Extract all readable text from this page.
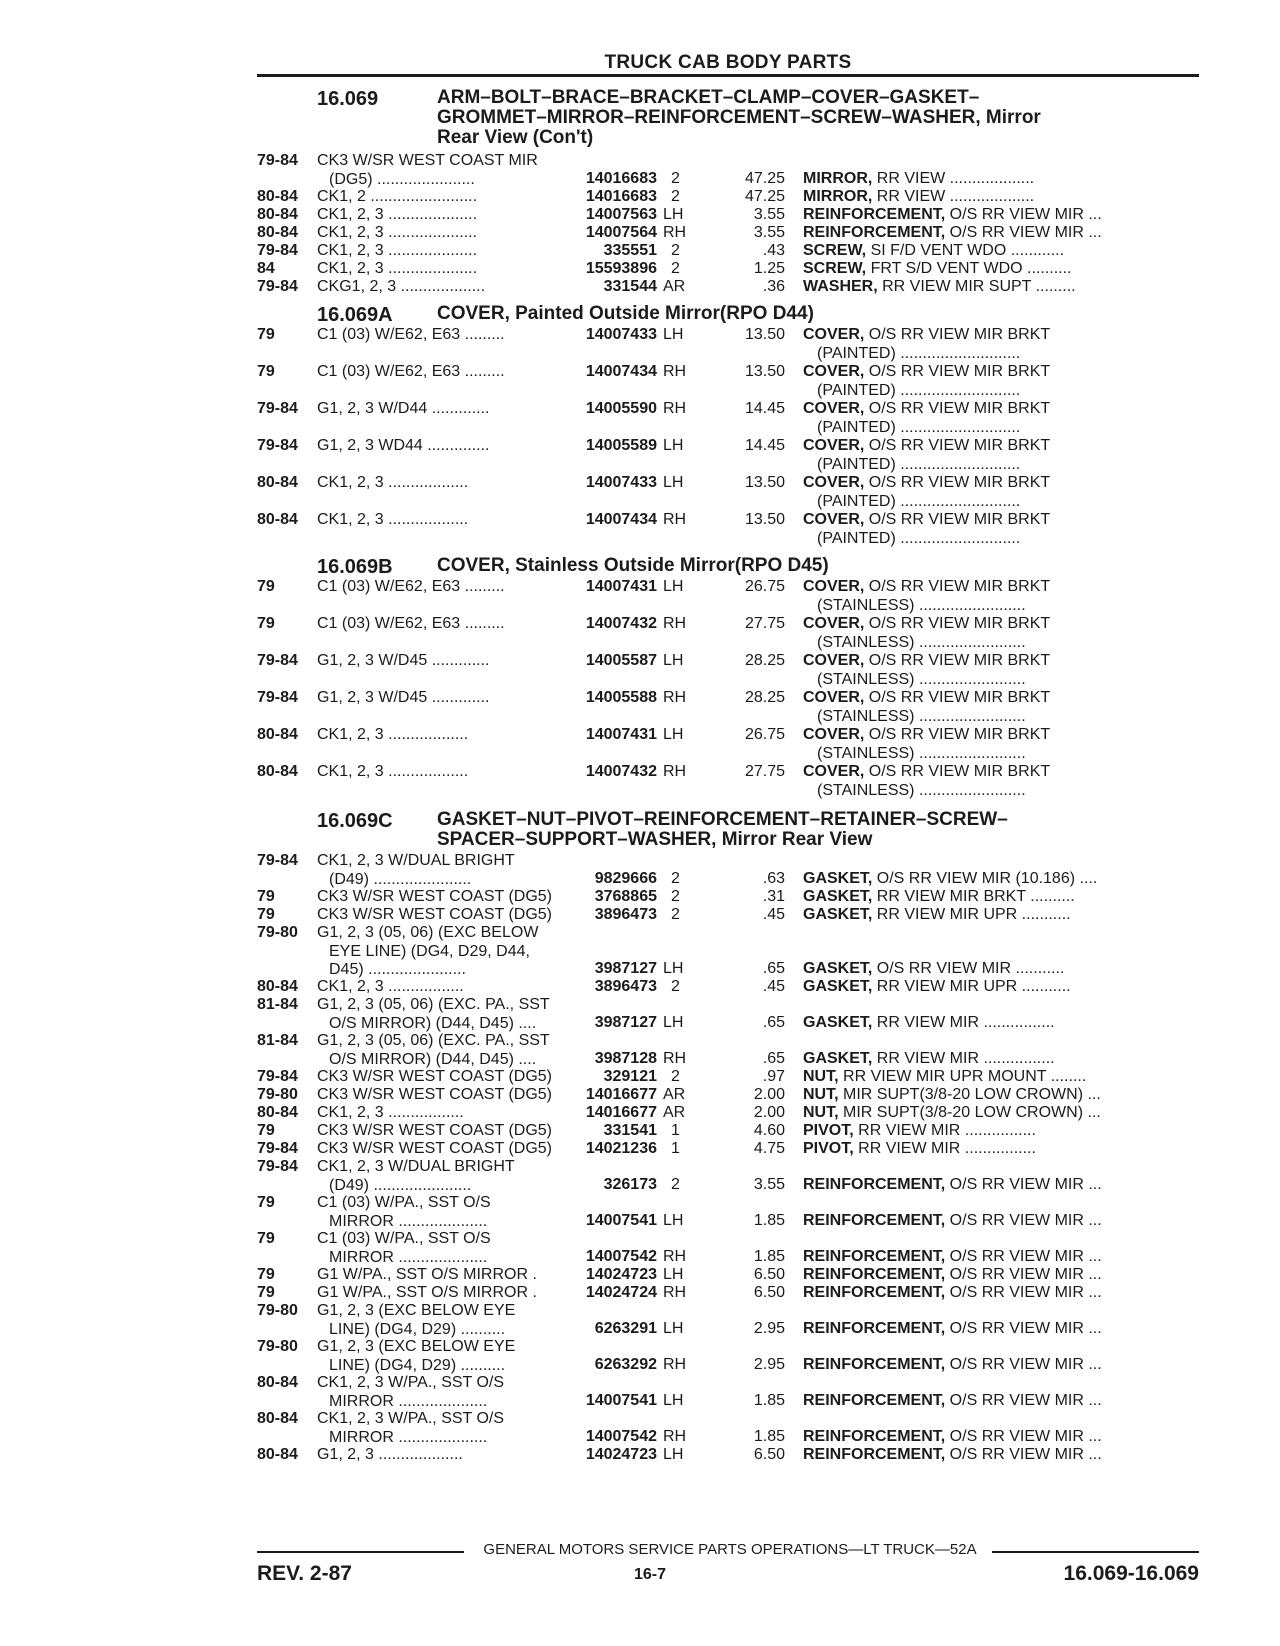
TRUCK CAB BODY PARTS
16.069	ARM–BOLT–BRACE–BRACKET–CLAMP–COVER–GASKET–
GROMMET–MIRROR–REINFORCEMENT–SCREW–WASHER, Mirror
Rear View (Con't)
79-84	CK3 W/SR WEST COAST MIR
(DG5) ......................	14016683 2	47.25 MIRROR, RR VIEW ...................
80-84	CK1, 2 ........................	14016683 2	47.25 MIRROR, RR VIEW ...................
80-84	CK1, 2, 3 ....................	14007563 LH	3.55 REINFORCEMENT, O/S RR VIEW MIR ...
80-84	CK1, 2, 3 ....................	14007564 RH	3.55 REINFORCEMENT, O/S RR VIEW MIR ...
79-84	CK1, 2, 3 ....................	335551 2	.43 SCREW, SI F/D VENT WDO ............
84	CK1, 2, 3 ....................	15593896 2	1.25 SCREW, FRT S/D VENT WDO ..........
79-84	CKG1, 2, 3 ...................	331544 AR	.36 WASHER, RR VIEW MIR SUPT .........
16.069A COVER, Painted Outside Mirror(RPO D44)
79	C1 (03) W/E62, E63 .........	14007433 LH	13.50 COVER, O/S RR VIEW MIR BRKT
(PAINTED) ...........................
79	C1 (03) W/E62, E63 .........	14007434 RH	13.50 COVER, O/S RR VIEW MIR BRKT
(PAINTED) ...........................
79-84	G1, 2, 3 W/D44 .............	14005590 RH	14.45 COVER, O/S RR VIEW MIR BRKT
(PAINTED) ...........................
79-84	G1, 2, 3 WD44 ..............	14005589 LH	14.45 COVER, O/S RR VIEW MIR BRKT
(PAINTED) ...........................
80-84	CK1, 2, 3 ..................	14007433 LH	13.50 COVER, O/S RR VIEW MIR BRKT
(PAINTED) ...........................
80-84	CK1, 2, 3 ..................	14007434 RH	13.50 COVER, O/S RR VIEW MIR BRKT
(PAINTED) ...........................
16.069B COVER, Stainless Outside Mirror(RPO D45)
79	C1 (03) W/E62, E63 .........	14007431 LH	26.75 COVER, O/S RR VIEW MIR BRKT
(STAINLESS) ........................
79	C1 (03) W/E62, E63 .........	14007432 RH	27.75 COVER, O/S RR VIEW MIR BRKT
(STAINLESS) ........................
79-84	G1, 2, 3 W/D45 .............	14005587 LH	28.25 COVER, O/S RR VIEW MIR BRKT
(STAINLESS) ........................
79-84	G1, 2, 3 W/D45 .............	14005588 RH	28.25 COVER, O/S RR VIEW MIR BRKT
(STAINLESS) ........................
80-84	CK1, 2, 3 ..................	14007431 LH	26.75 COVER, O/S RR VIEW MIR BRKT
(STAINLESS) ........................
80-84	CK1, 2, 3 ..................	14007432 RH	27.75 COVER, O/S RR VIEW MIR BRKT
(STAINLESS) ........................
16.069C GASKET–NUT–PIVOT–REINFORCEMENT–RETAINER–SCREW–
SPACER–SUPPORT–WASHER, Mirror Rear View
79-84	CK1, 2, 3 W/DUAL BRIGHT
(D49) ......................	9829666 2	.63 GASKET, O/S RR VIEW MIR (10.186) ....
79	CK3 W/SR WEST COAST (DG5)	3768865 2	.31 GASKET, RR VIEW MIR BRKT ..........
79	CK3 W/SR WEST COAST (DG5)	3896473 2	.45 GASKET, RR VIEW MIR UPR ...........
79-80	G1, 2, 3 (05, 06) (EXC BELOW
EYE LINE) (DG4, D29, D44,
D45) ......................	3987127 LH	.65 GASKET, O/S RR VIEW MIR ...........
80-84	CK1, 2, 3 .................	3896473 2	.45 GASKET, RR VIEW MIR UPR ...........
81-84	G1, 2, 3 (05, 06) (EXC. PA., SST
O/S MIRROR) (D44, D45) ....	3987127 LH	.65 GASKET, RR VIEW MIR ................
81-84	G1, 2, 3 (05, 06) (EXC. PA., SST
O/S MIRROR) (D44, D45) ....	3987128 RH	.65 GASKET, RR VIEW MIR ................
79-84	CK3 W/SR WEST COAST (DG5)	329121 2	.97 NUT, RR VIEW MIR UPR MOUNT ........
79-80	CK3 W/SR WEST COAST (DG5)	14016677 AR	2.00 NUT, MIR SUPT(3/8-20 LOW CROWN) ...
80-84	CK1, 2, 3 .................	14016677 AR	2.00 NUT, MIR SUPT(3/8-20 LOW CROWN) ...
79	CK3 W/SR WEST COAST (DG5)	331541 1	4.60 PIVOT, RR VIEW MIR ................
79-84	CK3 W/SR WEST COAST (DG5)	14021236 1	4.75 PIVOT, RR VIEW MIR ................
79-84	CK1, 2, 3 W/DUAL BRIGHT
(D49) ......................	326173 2	3.55 REINFORCEMENT, O/S RR VIEW MIR ...
79	C1 (03) W/PA., SST O/S
MIRROR ....................	14007541 LH	1.85 REINFORCEMENT, O/S RR VIEW MIR ...
79	C1 (03) W/PA., SST O/S
MIRROR ....................	14007542 RH	1.85 REINFORCEMENT, O/S RR VIEW MIR ...
79	G1 W/PA., SST O/S MIRROR .	14024723 LH	6.50 REINFORCEMENT, O/S RR VIEW MIR ...
79	G1 W/PA., SST O/S MIRROR .	14024724 RH	6.50 REINFORCEMENT, O/S RR VIEW MIR ...
79-80	G1, 2, 3 (EXC BELOW EYE
LINE) (DG4, D29) ..........	6263291 LH	2.95 REINFORCEMENT, O/S RR VIEW MIR ...
79-80	G1, 2, 3 (EXC BELOW EYE
LINE) (DG4, D29) ..........	6263292 RH	2.95 REINFORCEMENT, O/S RR VIEW MIR ...
80-84	CK1, 2, 3 W/PA., SST O/S
MIRROR ....................	14007541 LH	1.85 REINFORCEMENT, O/S RR VIEW MIR ...
80-84	CK1, 2, 3 W/PA., SST O/S
MIRROR ....................	14007542 RH	1.85 REINFORCEMENT, O/S RR VIEW MIR ...
80-84	G1, 2, 3 ...................	14024723 LH	6.50 REINFORCEMENT, O/S RR VIEW MIR ...
GENERAL MOTORS SERVICE PARTS OPERATIONS—LT TRUCK—52A
REV. 2-87	16-7	16.069-16.069
